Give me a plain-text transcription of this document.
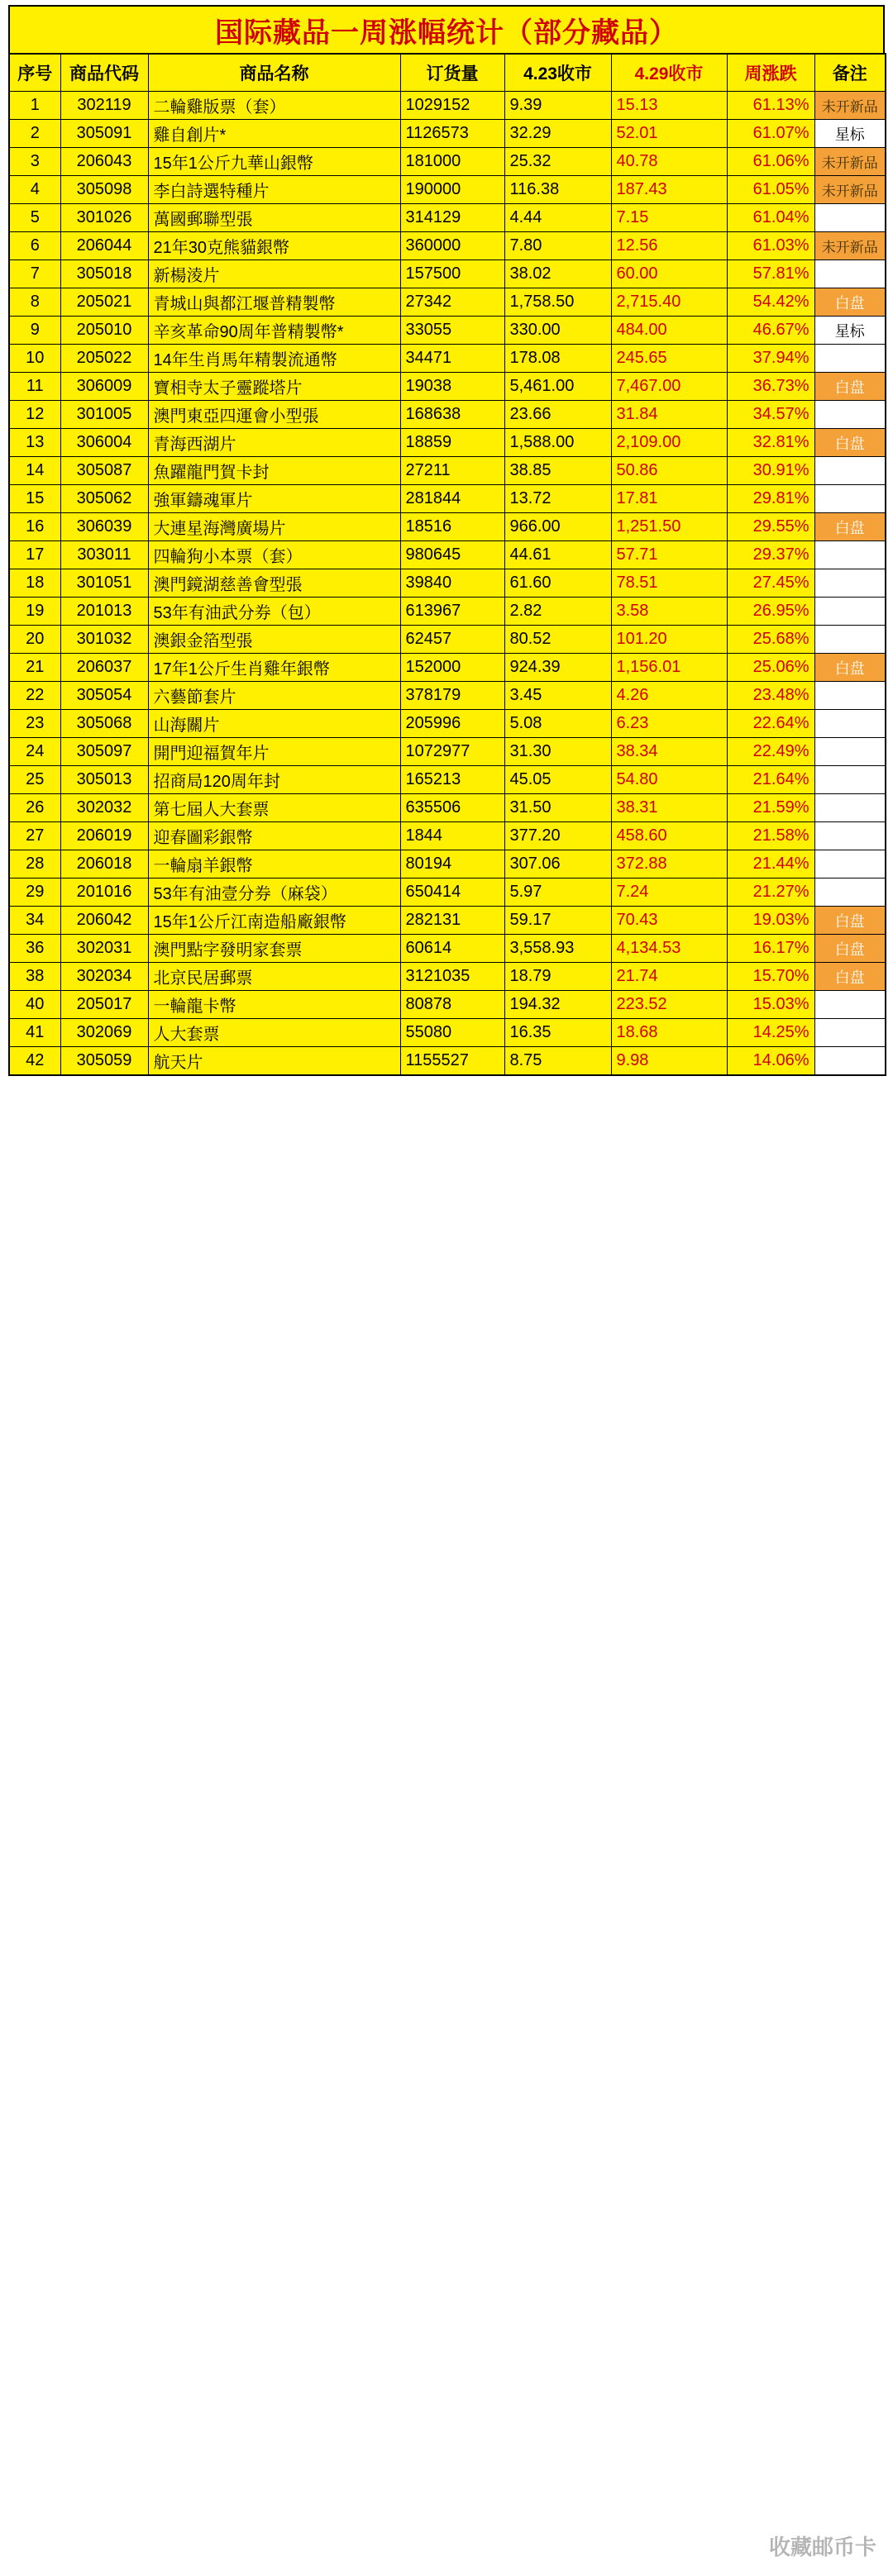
国际藏品一周涨幅统计（部分藏品）
序号	商品代码	商品名称	订货量	4.23收市	4.29收市	周涨跌	备注
1	302119	二輪雞版票（套）	1029152	9.39	15.13	61.13%	未开新品
2	305091	雞自創片*	1126573	32.29	52.01	61.07%	星标
3	206043	15年1公斤九華山銀幣	181000	25.32	40.78	61.06%	未开新品
4	305098	李白詩選特種片	190000	116.38	187.43	61.05%	未开新品
5	301026	萬國郵聯型張	314129	4.44	7.15	61.04%	
6	206044	21年30克熊貓銀幣	360000	7.80	12.56	61.03%	未开新品
7	305018	新楊淩片	157500	38.02	60.00	57.81%	
8	205021	青城山與都江堰普精製幣	27342	1,758.50	2,715.40	54.42%	白盘
9	205010	辛亥革命90周年普精製幣*	33055	330.00	484.00	46.67%	星标
10	205022	14年生肖馬年精製流通幣	34471	178.08	245.65	37.94%	
11	306009	寶相寺太子靈蹤塔片	19038	5,461.00	7,467.00	36.73%	白盘
12	301005	澳門東亞四運會小型張	168638	23.66	31.84	34.57%	
13	306004	青海西湖片	18859	1,588.00	2,109.00	32.81%	白盘
14	305087	魚躍龍門賀卡封	27211	38.85	50.86	30.91%	
15	305062	強軍鑄魂軍片	281844	13.72	17.81	29.81%	
16	306039	大連星海灣廣場片	18516	966.00	1,251.50	29.55%	白盘
17	303011	四輪狗小本票（套）	980645	44.61	57.71	29.37%	
18	301051	澳門鏡湖慈善會型張	39840	61.60	78.51	27.45%	
19	201013	53年有油武分券（包）	613967	2.82	3.58	26.95%	
20	301032	澳銀金箔型張	62457	80.52	101.20	25.68%	
21	206037	17年1公斤生肖雞年銀幣	152000	924.39	1,156.01	25.06%	白盘
22	305054	六藝節套片	378179	3.45	4.26	23.48%	
23	305068	山海關片	205996	5.08	6.23	22.64%	
24	305097	開門迎福賀年片	1072977	31.30	38.34	22.49%	
25	305013	招商局120周年封	165213	45.05	54.80	21.64%	
26	302032	第七屆人大套票	635506	31.50	38.31	21.59%	
27	206019	迎春圖彩銀幣	1844	377.20	458.60	21.58%	
28	206018	一輪扇羊銀幣	80194	307.06	372.88	21.44%	
29	201016	53年有油壹分券（麻袋）	650414	5.97	7.24	21.27%	
34	206042	15年1公斤江南造船廠銀幣	282131	59.17	70.43	19.03%	白盘
36	302031	澳門點字發明家套票	60614	3,558.93	4,134.53	16.17%	白盘
38	302034	北京民居郵票	3121035	18.79	21.74	15.70%	白盘
40	205017	一輪龍卡幣	80878	194.32	223.52	15.03%	
41	302069	人大套票	55080	16.35	18.68	14.25%	
42	305059	航天片	1155527	8.75	9.98	14.06%	
收藏邮币卡
